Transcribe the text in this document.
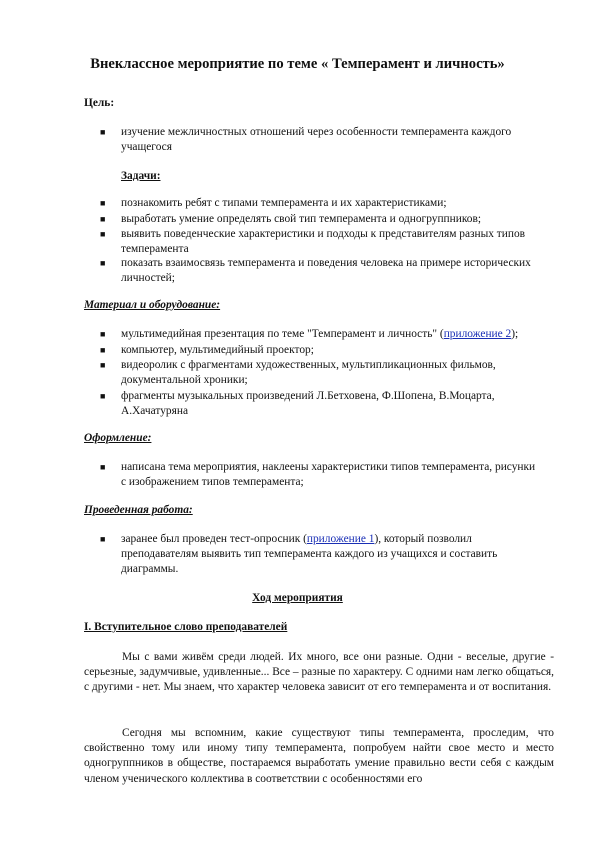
Внеклассное мероприятие по теме « Темперамент и личность»
Цель:
■ изучение межличностных отношений через особенности темперамента каждого учащегося
Задачи:
■ познакомить ребят с типами темперамента и их характеристиками;
■ выработать умение определять свой тип темперамента и одногруппников;
■ выявить поведенческие характеристики и подходы к представителям разных типов темперамента
■ показать взаимосвязь темперамента и поведения человека на примере исторических личностей;
Материал и оборудование:
■ мультимедийная презентация по теме "Темперамент и личность" (приложение 2);
■ компьютер, мультимедийный проектор;
■ видеоролик с фрагментами художественных, мультипликационных фильмов, документальной хроники;
■ фрагменты музыкальных произведений Л.Бетховена, Ф.Шопена, В.Моцарта, А.Хачатуряна
Оформление:
■ написана тема мероприятия, наклеены характеристики типов темперамента, рисунки с изображением типов темперамента;
Проведенная работа:
■ заранее был проведен тест-опросник (приложение 1), который позволил преподавателям выявить тип темперамента каждого из учащихся и составить диаграммы.
Ход мероприятия
I. Вступительное слово преподавателей
Мы с вами живём среди людей. Их много, все они разные. Одни - веселые, другие - серьезные, задумчивые, удивленные... Все – разные по характеру. С одними нам легко общаться, с другими - нет. Мы знаем, что характер человека зависит от его темперамента и от воспитания.
Сегодня мы вспомним, какие существуют типы темперамента, проследим, что свойственно тому или иному типу темперамента, попробуем найти свое место и место одногруппников в обществе, постараемся выработать умение правильно вести себя с каждым членом ученического коллектива в соответствии с особенностями его
